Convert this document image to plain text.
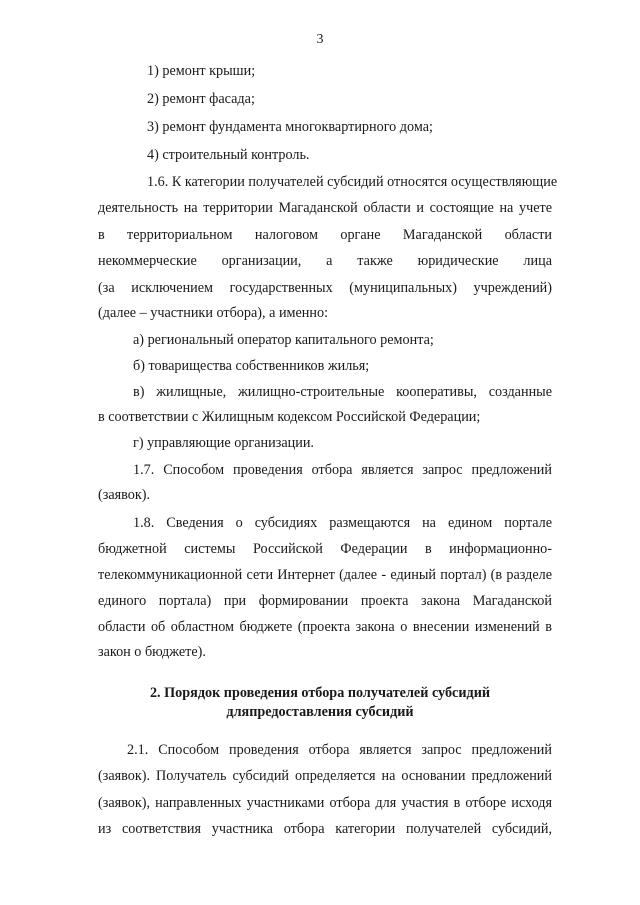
3
1) ремонт крыши;
2) ремонт фасада;
3) ремонт фундамента многоквартирного дома;
4) строительный контроль.
1.6. К категории получателей субсидий относятся осуществляющие
деятельность на территории Магаданской области и состоящие на учете
в территориальном налоговом органе Магаданской области
некоммерческие организации, а также юридические лица
(за исключением государственных (муниципальных) учреждений)
(далее – участники отбора), а именно:
а) региональный оператор капитального ремонта;
б) товарищества собственников жилья;
в) жилищные, жилищно-строительные кооперативы, созданные
в соответствии с Жилищным кодексом Российской Федерации;
г) управляющие организации.
1.7. Способом проведения отбора является запрос предложений
(заявок).
1.8. Сведения о субсидиях размещаются на едином портале
бюджетной системы Российской Федерации в информационно-
телекоммуникационной сети Интернет (далее - единый портал) (в разделе
единого портала) при формировании проекта закона Магаданской
области об областном бюджете (проекта закона о внесении изменений в
закон о бюджете).
2. Порядок проведения отбора получателей субсидий
дляпредоставления субсидий
2.1. Способом проведения отбора является запрос предложений
(заявок). Получатель субсидий определяется на основании предложений
(заявок), направленных участниками отбора для участия в отборе исходя
из соответствия участника отбора категории получателей субсидий,
